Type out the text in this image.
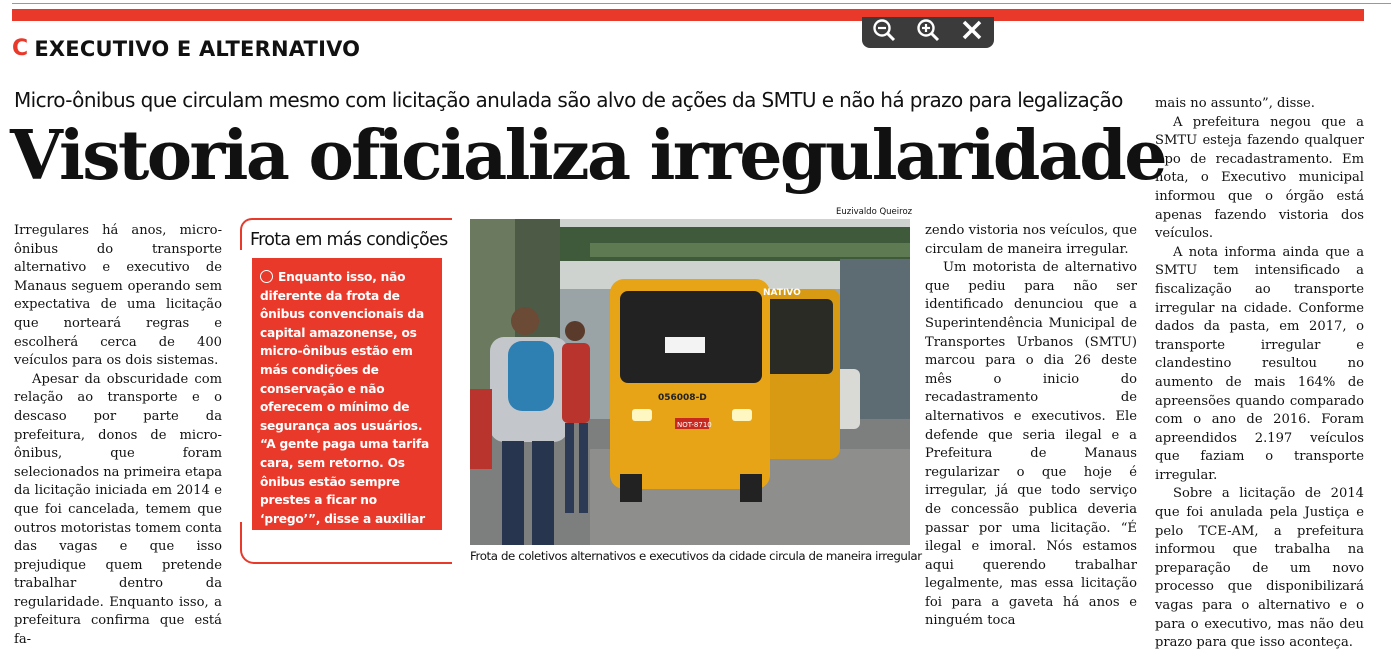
C EXECUTIVO E ALTERNATIVO
Micro-ônibus que circulam mesmo com licitação anulada são alvo de ações da SMTU e não há prazo para legalização
Vistoria oficializa irregularidade

Irregulares há anos, micro-ônibus do transporte alternativo e executivo de Manaus seguem operando sem expectativa de uma licitação que norteará regras e escolherá cerca de 400 veículos para os dois sistemas.

Apesar da obscuridade com relação ao transporte e o descaso por parte da prefeitura, donos de micro-ônibus, que foram selecionados na primeira etapa da licitação iniciada em 2014 e que foi cancelada, temem que outros motoristas tomem conta das vagas e que isso prejudique quem pretende trabalhar dentro da regularidade. Enquanto isso, a prefeitura confirma que está fa-

Frota em más condições
Enquanto isso, não diferente da frota de ônibus convencionais da capital amazonense, os micro-ônibus estão em más condições de conservação e não oferecem o mínimo de segurança aos usuários. “A gente paga uma tarifa cara, sem retorno. Os ônibus estão sempre prestes a ficar no ‘prego’”, disse a auxiliar de escritório Rosangela de Almeida, 45.
Euzivaldo Queiroz
056008-D
NOT-8710
NATIVO
Frota de coletivos alternativos e executivos da cidade circula de maneira irregular

zendo vistoria nos veículos, que circulam de maneira irregular.

Um motorista de alternativo que pediu para não ser identificado denunciou que a Superintendência Municipal de Transportes Urbanos (SMTU) marcou para o dia 26 deste mês o inicio do recadastramento de alternativos e executivos. Ele defende que seria ilegal e a Prefeitura de Manaus regularizar o que hoje é irregular, já que todo serviço de concessão publica deveria passar por uma licitação. “É ilegal e imoral. Nós estamos aqui querendo trabalhar legalmente, mas essa licitação foi para a gaveta há anos e ninguém toca

mais no assunto”, disse.

A prefeitura negou que a SMTU esteja fazendo qualquer tipo de recadastramento. Em nota, o Executivo municipal informou que o órgão está apenas fazendo vistoria dos veículos.

A nota informa ainda que a SMTU tem intensificado a fiscalização ao transporte irregular na cidade. Conforme dados da pasta, em 2017, o transporte irregular e clandestino resultou no aumento de mais 164% de apreensões quando comparado com o ano de 2016. Foram apreendidos 2.197 veículos que faziam o transporte irregular.

Sobre a licitação de 2014 que foi anulada pela Justiça e pelo TCE-AM, a prefeitura informou que trabalha na preparação de um novo processo que disponibilizará vagas para o alternativo e o para o executivo, mas não deu prazo para que isso aconteça.
